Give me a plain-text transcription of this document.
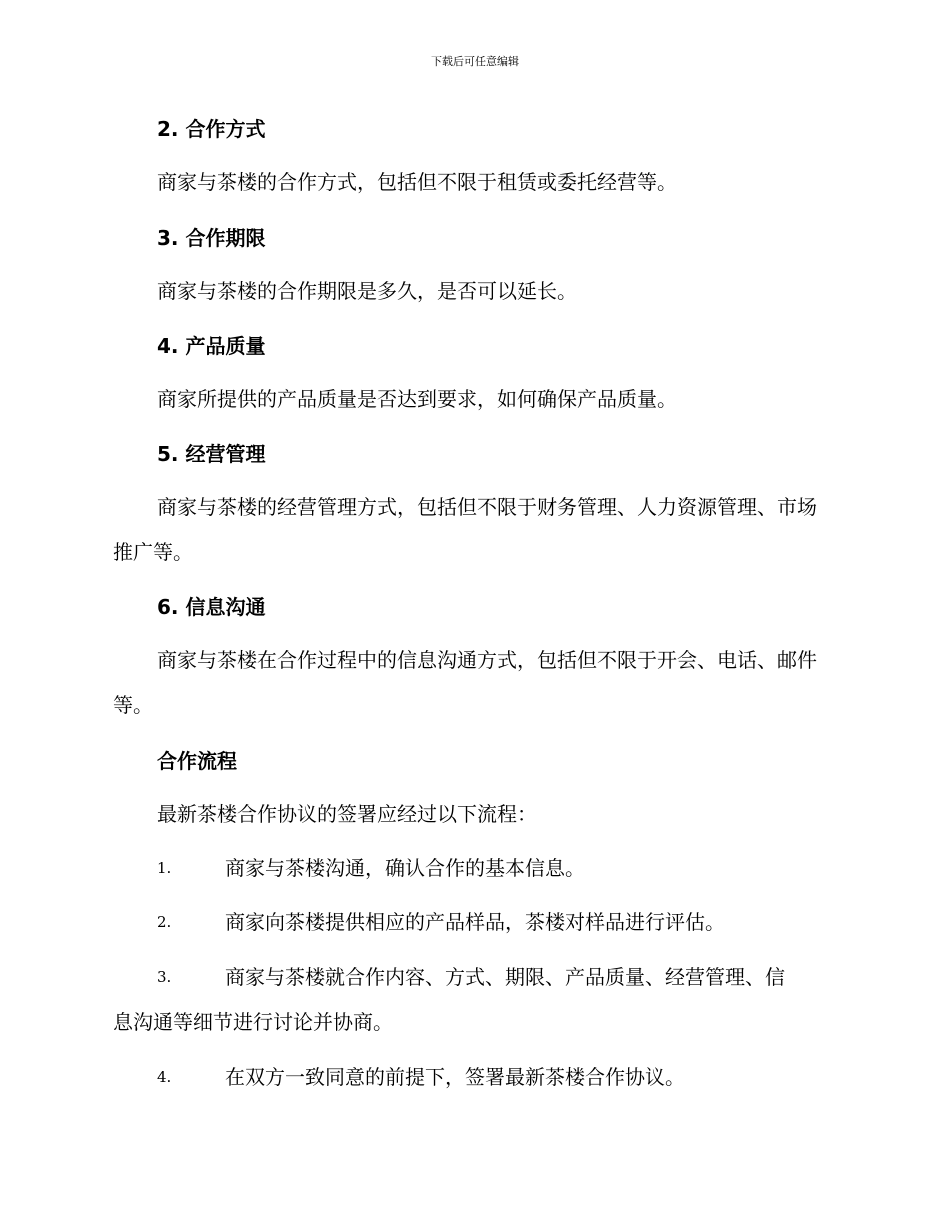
下载后可任意编辑
2. 合作方式

商家与茶楼的合作方式，包括但不限于租赁或委托经营等。

3. 合作期限

商家与茶楼的合作期限是多久，是否可以延长。

4. 产品质量

商家所提供的产品质量是否达到要求，如何确保产品质量。

5. 经营管理

商家与茶楼的经营管理方式，包括但不限于财务管理、人力资源管理、市场推广等。

6. 信息沟通

商家与茶楼在合作过程中的信息沟通方式，包括但不限于开会、电话、邮件等。

合作流程

最新茶楼合作协议的签署应经过以下流程：

1.	商家与茶楼沟通，确认合作的基本信息。
2.	商家向茶楼提供相应的产品样品，茶楼对样品进行评估。
3.	商家与茶楼就合作内容、方式、期限、产品质量、经营管理、信
息沟通等细节进行讨论并协商。
4.	在双方一致同意的前提下，签署最新茶楼合作协议。
